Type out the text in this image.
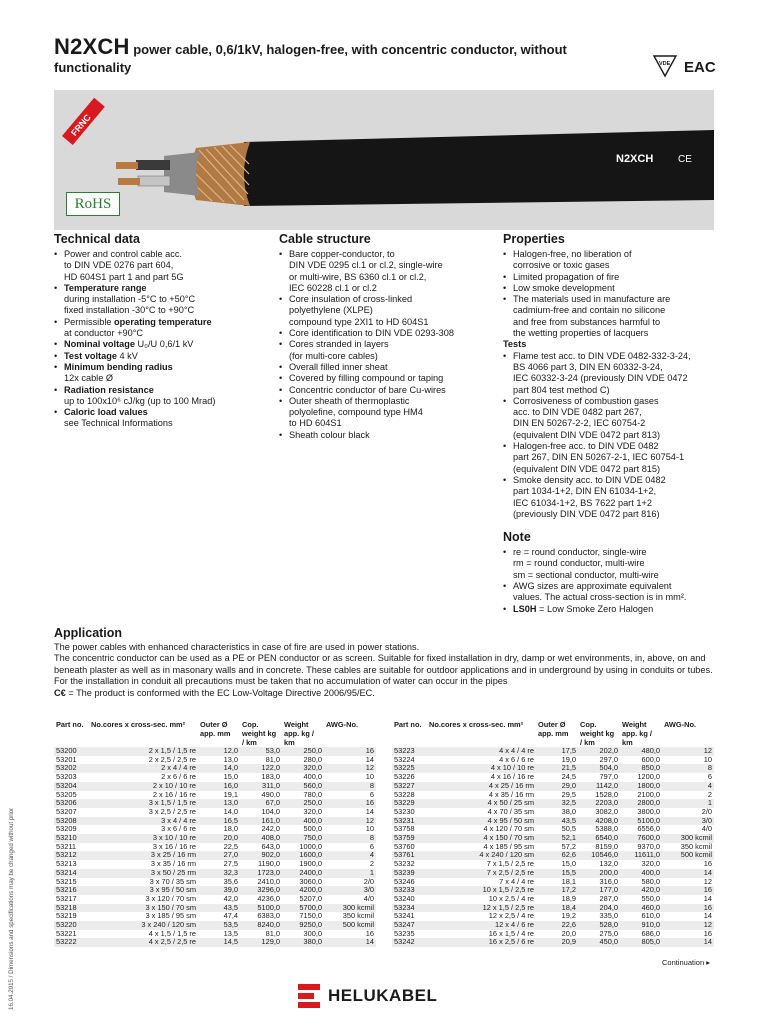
N2XCH power cable, 0,6/1kV, halogen-free, with concentric conductor, without functionality	VDE EAC
N2XCH CE
FRNC
RoHS
Technical data
• Power and control cable acc.
to DIN VDE 0276 part 604,
HD 604S1 part 1 and part 5G
• Temperature range
during installation -5°C to +50°C
fixed installation -30°C to +90°C
• Permissible operating temperature
at conductor +90°C
• Nominal voltage U₀/U 0,6/1 kV
• Test voltage 4 kV
• Minimum bending radius
12x cable Ø
• Radiation resistance
up to 100x10⁶ cJ/kg (up to 100 Mrad)
• Caloric load values
see Technical Informations
Cable structure
• Bare copper-conductor, to
DIN VDE 0295 cl.1 or cl.2, single-wire
or multi-wire, BS 6360 cl.1 or cl.2,
IEC 60228 cl.1 or cl.2
• Core insulation of cross-linked
polyethylene (XLPE)
compound type 2XI1 to HD 604S1
• Core identification to DIN VDE 0293-308
• Cores stranded in layers
(for multi-core cables)
• Overall filled inner sheat
• Covered by filling compound or taping
• Concentric conductor of bare Cu-wires
• Outer sheath of thermoplastic
polyolefine, compound type HM4
to HD 604S1
• Sheath colour black
Properties
• Halogen-free, no liberation of
corrosive or toxic gases
• Limited propagation of fire
• Low smoke development
• The materials used in manufacture are
cadmium-free and contain no silicone
and free from substances harmful to
the wetting properties of lacquers
Tests
• Flame test acc. to DIN VDE 0482-332-3-24,
BS 4066 part 3, DIN EN 60332-3-24,
IEC 60332-3-24 (previously DIN VDE 0472
part 804 test method C)
• Corrosiveness of combustion gases
acc. to DIN VDE 0482 part 267,
DIN EN 50267-2-2, IEC 60754-2
(equivalent DIN VDE 0472 part 813)
• Halogen-free acc. to DIN VDE 0482
part 267, DIN EN 50267-2-1, IEC 60754-1
(equivalent DIN VDE 0472 part 815)
• Smoke density acc. to DIN VDE 0482
part 1034-1+2, DIN EN 61034-1+2,
IEC 61034-1+2, BS 7622 part 1+2
(previously DIN VDE 0472 part 816)
Note
• re = round conductor, single-wire
rm = round conductor, multi-wire
sm = sectional conductor, multi-wire
• AWG sizes are approximate equivalent
values. The actual cross-section is in mm².
• LS0H = Low Smoke Zero Halogen
Application

The power cables with enhanced characteristics in case of fire are used in power stations.

The concentric conductor can be used as a PE or PEN conductor or as screen. Suitable for fixed installation in dry, damp or wet environments, in, above, on and beneath plaster as well as in masonary walls and in concrete. These cables are suitable for outdoor applications and in underground by using in conduits or tubes. For the installation in conduit all precautions must be taken that no accumulation of water can occur in the pipes

C€ = The product is conformed with the EC Low-Voltage Directive 2006/95/EC.

Part no.	No.cores x cross-sec. mm²	Outer Ø app. mm	Cop. weight kg / km	Weight app. kg / km	AWG-No.
53200	2 x 1,5 / 1,5 re	12,0	53,0	250,0	16
53201	2 x 2,5 / 2,5 re	13,0	81,0	280,0	14
53202	2 x 4 / 4 re	14,0	122,0	320,0	12
53203	2 x 6 / 6 re	15,0	183,0	400,0	10
53204	2 x 10 / 10 re	16,0	311,0	560,0	8
53205	2 x 16 / 16 re	19,1	490,0	780,0	6
53206	3 x 1,5 / 1,5 re	13,0	67,0	250,0	16
53207	3 x 2,5 / 2,5 re	14,0	104,0	320,0	14
53208	3 x 4 / 4 re	16,5	161,0	400,0	12
53209	3 x 6 / 6 re	18,0	242,0	500,0	10
53210	3 x 10 / 10 re	20,0	408,0	750,0	8
53211	3 x 16 / 16 re	22,5	643,0	1000,0	6
53212	3 x 25 / 16 rm	27,0	902,0	1600,0	4
53213	3 x 35 / 16 rm	27,5	1190,0	1900,0	2
53214	3 x 50 / 25 rm	32,3	1723,0	2400,0	1
53215	3 x 70 / 35 sm	35,6	2410,0	3060,0	2/0
53216	3 x 95 / 50 sm	39,0	3296,0	4200,0	3/0
53217	3 x 120 / 70 sm	42,0	4236,0	5207,0	4/0
53218	3 x 150 / 70 sm	43,5	5100,0	5700,0	300 kcmil
53219	3 x 185 / 95 sm	47,4	6383,0	7150,0	350 kcmil
53220	3 x 240 / 120 sm	53,5	8240,0	9250,0	500 kcmil
53221	4 x 1,5 / 1,5 re	13,5	81,0	300,0	16
53222	4 x 2,5 / 2,5 re	14,5	129,0	380,0	14
Part no.	No.cores x cross-sec. mm²	Outer Ø app. mm	Cop. weight kg / km	Weight app. kg / km	AWG-No.
53223	4 x 4 / 4 re	17,5	202,0	480,0	12
53224	4 x 6 / 6 re	19,0	297,0	600,0	10
53225	4 x 10 / 10 re	21,5	504,0	850,0	8
53226	4 x 16 / 16 re	24,5	797,0	1200,0	6
53227	4 x 25 / 16 rm	29,0	1142,0	1800,0	4
53228	4 x 35 / 16 rm	29,5	1528,0	2100,0	2
53229	4 x 50 / 25 sm	32,5	2203,0	2800,0	1
53230	4 x 70 / 35 sm	38,0	3082,0	3800,0	2/0
53231	4 x 95 / 50 sm	43,5	4208,0	5100,0	3/0
53758	4 x 120 / 70 sm	50,5	5388,0	6556,0	4/0
53759	4 x 150 / 70 sm	52,1	6540,0	7600,0	300 kcmil
53760	4 x 185 / 95 sm	57,2	8159,0	9370,0	350 kcmil
53761	4 x 240 / 120 sm	62,6	10546,0	11611,0	500 kcmil
53232	7 x 1,5 / 2,5 re	15,0	132,0	320,0	16
53239	7 x 2,5 / 2,5 re	15,5	200,0	400,0	14
53246	7 x 4 / 4 re	18,1	316,0	580,0	12
53233	10 x 1,5 / 2,5 re	17,2	177,0	420,0	16
53240	10 x 2,5 / 4 re	18,9	287,0	550,0	14
53234	12 x 1,5 / 2,5 re	18,4	204,0	460,0	16
53241	12 x 2,5 / 4 re	19,2	335,0	610,0	14
53247	12 x 4 / 6 re	22,6	528,0	910,0	12
53235	16 x 1,5 / 4 re	20,0	275,0	686,0	16
53242	16 x 2,5 / 6 re	20,9	450,0	805,0	14
Continuation ▸
16.04.2015 / Dimensions and specifications may be changed without prior	HELUKABEL
